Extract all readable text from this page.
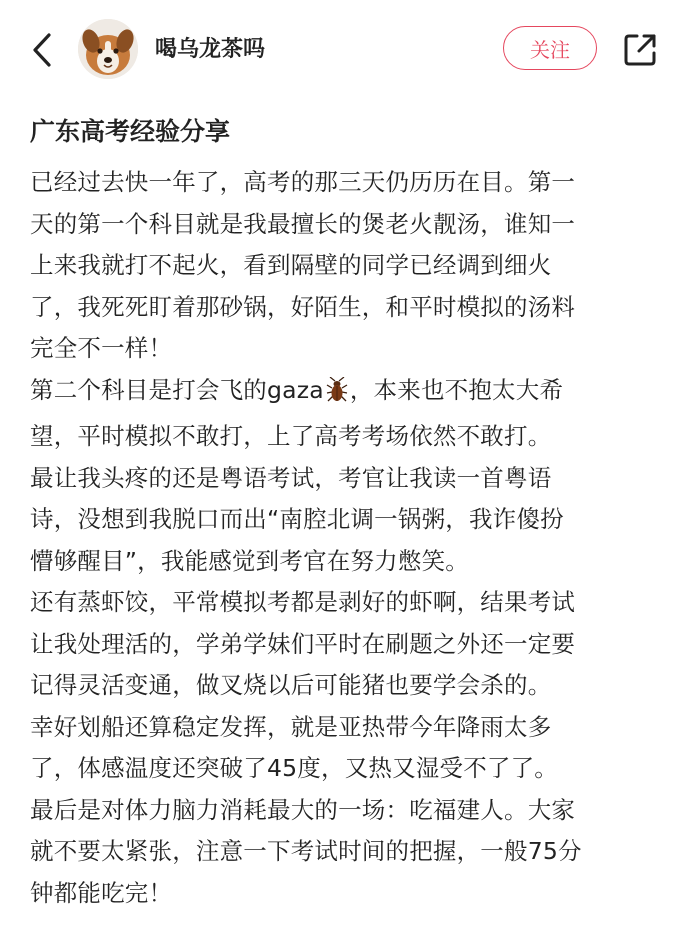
喝乌龙茶吗	关注
广东高考经验分享

已经过去快一年了，高考的那三天仍历历在目。第一

天的第一个科目就是我最擅长的煲老火靓汤，谁知一

上来我就打不起火，看到隔壁的同学已经调到细火

了，我死死盯着那砂锅，好陌生，和平时模拟的汤料

完全不一样！

第二个科目是打会飞的gaza ，本来也不抱太大希

望，平时模拟不敢打，上了高考考场依然不敢打。

最让我头疼的还是粤语考试，考官让我读一首粤语

诗，没想到我脱口而出“南腔北调一锅粥，我诈傻扮

懵够醒目”，我能感觉到考官在努力憋笑。

还有蒸虾饺，平常模拟考都是剥好的虾啊，结果考试

让我处理活的，学弟学妹们平时在刷题之外还一定要

记得灵活变通，做叉烧以后可能猪也要学会杀的。

幸好划船还算稳定发挥，就是亚热带今年降雨太多

了，体感温度还突破了45度，又热又湿受不了了。

最后是对体力脑力消耗最大的一场：吃福建人。大家

就不要太紧张，注意一下考试时间的把握，一般75分

钟都能吃完！
